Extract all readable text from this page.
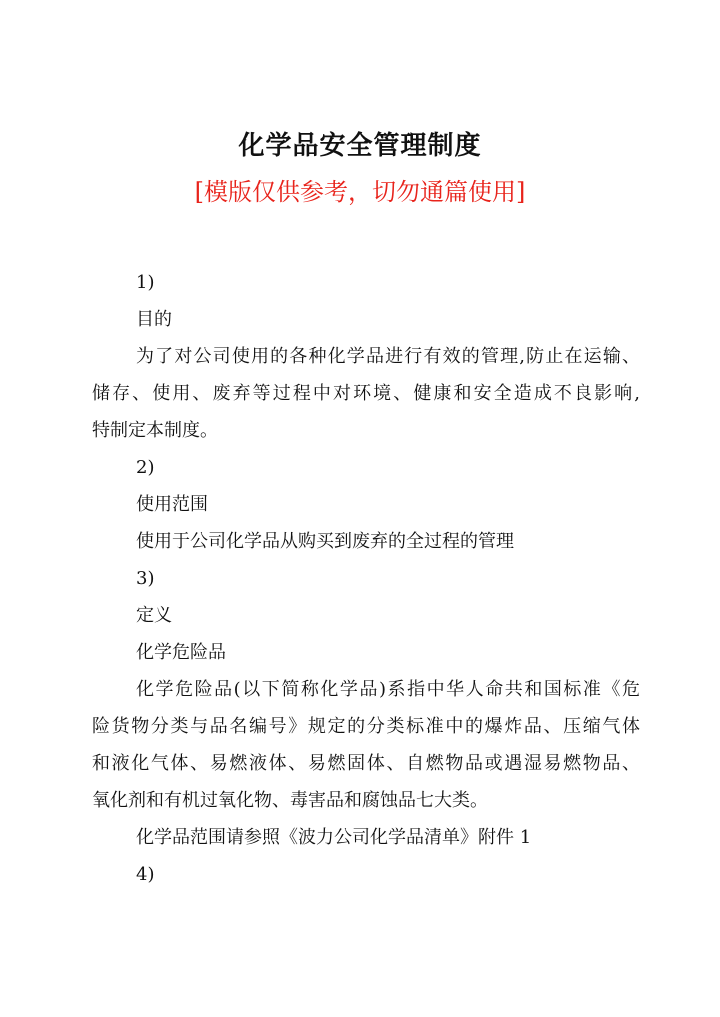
化学品安全管理制度
[模版仅供参考，切勿通篇使用]

1)

目的

为了对公司使用的各种化学品进行有效的管理,防止在运输、

储存、使用、废弃等过程中对环境、健康和安全造成不良影响,

特制定本制度。

2)

使用范围

使用于公司化学品从购买到废弃的全过程的管理

3)

定义

化学危险品

化学危险品(以下简称化学品)系指中华人命共和国标准《危

险货物分类与品名编号》规定的分类标准中的爆炸品、压缩气体

和液化气体、易燃液体、易燃固体、自燃物品或遇湿易燃物品、

氧化剂和有机过氧化物、毒害品和腐蚀品七大类。

化学品范围请参照《波力公司化学品清单》附件 1

4)
